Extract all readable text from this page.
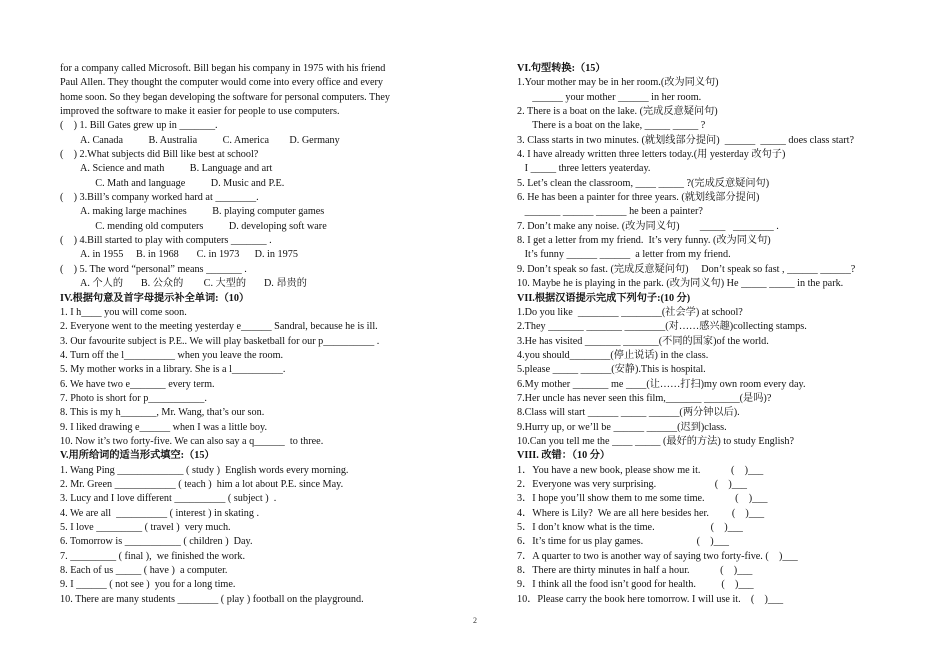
for a company called Microsoft. Bill began his company in 1975 with his friend
Paul Allen. They thought the computer would come into every office and every
home soon. So they began developing the software for personal computers. They
improved the software to make it easier for people to use computers.
(    ) 1. Bill Gates grew up in _______.
A. Canada          B. Australia          C. America        D. Germany
(    ) 2.What subjects did Bill like best at school?
A. Science and math          B. Language and art
C. Math and language          D. Music and P.E.
(    ) 3.Bill’s company worked hard at ________.
A. making large machines          B. playing computer games
C. mending old computers          D. developing soft ware
(    ) 4.Bill started to play with computers _______ .
A. in 1955     B. in 1968       C. in 1973      D. in 1975
(    ) 5. The word “personal” means _______ .
A. 个人的       B. 公众的        C. 大型的       D. 昂贵的
IV.根据句意及首字母提示补全单词:（10）
1. I h____ you will come soon.
2. Everyone went to the meeting yesterday e______ Sandral, because he is ill.
3. Our favourite subject is P.E.. We will play basketball for our p__________ .
4. Turn off the l__________ when you leave the room.
5. My mother works in a library. She is a l__________.
6. We have two e_______ every term.
7. Photo is short for p___________.
8. This is my h_______, Mr. Wang, that’s our son.
9. I liked drawing e______ when I was a little boy.
10. Now it’s two forty-five. We can also say a q______  to three.
V.用所给词的适当形式填空:（15）
1. Wang Ping _____________ ( study )  English words every morning.
2. Mr. Green ____________ ( teach )  him a lot about P.E. since May.
3. Lucy and I love different __________ ( subject )  .
4. We are all  __________ ( interest ) in skating .
5. I love _________ ( travel )  very much.
6. Tomorrow is ___________ ( children )  Day.
7. _________ ( final ),  we finished the work.
8. Each of us _____ ( have )  a computer.
9. I ______ ( not see )  you for a long time.
10. There are many students ________ ( play ) football on the playground.
VI.句型转换:（15）
1.Your mother may be in her room.(改为同义句)
______ your mother ______ in her room.
2. There is a boat on the lake. (完成反意疑问句)
There is a boat on the lake, _____ _____ ?
3. Class starts in two minutes. (就划线部分提问)  ______  _____ does class start?
4. I have already written three letters today.(用 yesterday 改句子)
I _____ three letters yeaterday.
5. Let’s clean the classroom, ____ _____ ?(完成反意疑问句)
6. He has been a painter for three years. (就划线部分提问)
_______ ______ ______ he been a painter?
7. Don’t make any noise. (改为同义句)        _____   ________ .
8. I get a letter from my friend.  It’s very funny. (改为同义句)
It’s funny ______ ______  a letter from my friend.
9. Don’t speak so fast. (完成反意疑问句)     Don’t speak so fast , ______ ______?
10. Maybe he is playing in the park. (改为同义句) He _____ _____ in the park.
VII.根据汉语提示完成下列句子:(10 分)
1.Do you like  ________ ________(社会学) at school?
2.They _______ _______ ________(对……感兴趣)collecting stamps.
3.He has visited _______ _______(不同的国家)of the world.
4.you should________(停止说话) in the class.
5.please _____ ______(安静).This is hospital.
6.My mother _______ me ____(让……打扫)my own room every day.
7.Her uncle has never seen this film,_______ _______(是吗)?
8.Class will start ______ _____ ______(两分钟以后).
9.Hurry up, or we’ll be ______ ______(迟到)class.
10.Can you tell me the ____ _____ (最好的方法) to study English?
VIII. 改错：（10 分）
1．You have a new book, please show me it.            (    )___
2．Everyone was very surprising.                       (    )___
3．I hope you’ll show them to me some time.            (    )___
4．Where is Lily?  We are all here besides her.         (    )___
5．I don’t know what is the time.                      (    )___
6．It’s time for us play games.                     (    )___
7．A quarter to two is another way of saying two forty-five. (    )___
8．There are thirty minutes in half a hour.            (    )___
9．I think all the food isn’t good for health.          (    )___
10．Please carry the book here tomorrow. I will use it.    (    )___
2
